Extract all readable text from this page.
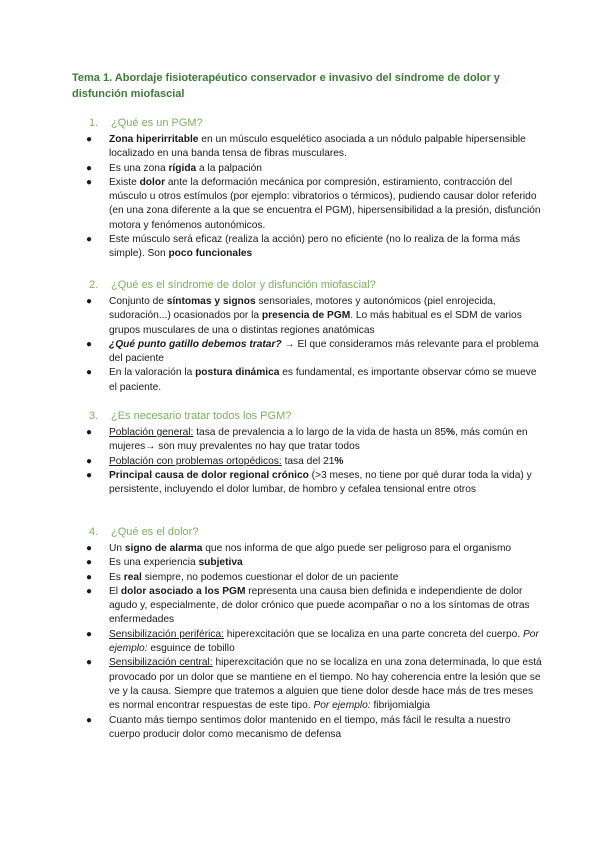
Tema 1. Abordaje fisioterapéutico conservador e invasivo del síndrome de dolor y disfunción miofascial

1. ¿Qué es un PGM?

● Zona hiperirritable en un músculo esquelético asociada a un nódulo palpable hipersensible localizado en una banda tensa de fibras musculares.
● Es una zona rígida a la palpación
● Existe dolor ante la deformación mecánica por compresión, estiramiento, contracción del músculo u otros estímulos (por ejemplo: vibratorios o térmicos), pudiendo causar dolor referido (en una zona diferente a la que se encuentra el PGM), hipersensibilidad a la presión, disfunción motora y fenómenos autonómicos.
● Este músculo será eficaz (realiza la acción) pero no eficiente (no lo realiza de la forma más simple). Son poco funcionales

2. ¿Qué es el síndrome de dolor y disfunción miofascial?

● Conjunto de síntomas y signos sensoriales, motores y autonómicos (piel enrojecida, sudoración...) ocasionados por la presencia de PGM. Lo más habitual es el SDM de varios grupos musculares de una o distintas regiones anatómicas
● ¿Qué punto gatillo debemos tratar? → El que consideramos más relevante para el problema del paciente
● En la valoración la postura dinámica es fundamental, es importante observar cómo se mueve el paciente.

3. ¿Es necesario tratar todos los PGM?

● Población general: tasa de prevalencia a lo largo de la vida de hasta un 85%, más común en mujeres→ son muy prevalentes no hay que tratar todos
● Población con problemas ortopédicos: tasa del 21%
● Principal causa de dolor regional crónico (>3 meses, no tiene por qué durar toda la vida) y persistente, incluyendo el dolor lumbar, de hombro y cefalea tensional entre otros

4. ¿Qué es el dolor?

● Un signo de alarma que nos informa de que algo puede ser peligroso para el organismo
● Es una experiencia subjetiva
● Es real siempre, no podemos cuestionar el dolor de un paciente
● El dolor asociado a los PGM representa una causa bien definida e independiente de dolor agudo y, especialmente, de dolor crónico que puede acompañar o no a los síntomas de otras enfermedades
● Sensibilización periférica: hiperexcitación que se localiza en una parte concreta del cuerpo. Por ejemplo: esguince de tobillo
● Sensibilización central: hiperexcitación que no se localiza en una zona determinada, lo que está provocado por un dolor que se mantiene en el tiempo. No hay coherencia entre la lesión que se ve y la causa. Siempre que tratemos a alguien que tiene dolor desde hace más de tres meses es normal encontrar respuestas de este tipo. Por ejemplo: fibrijomialgia
● Cuanto más tiempo sentimos dolor mantenido en el tiempo, más fácil le resulta a nuestro cuerpo producir dolor como mecanismo de defensa
